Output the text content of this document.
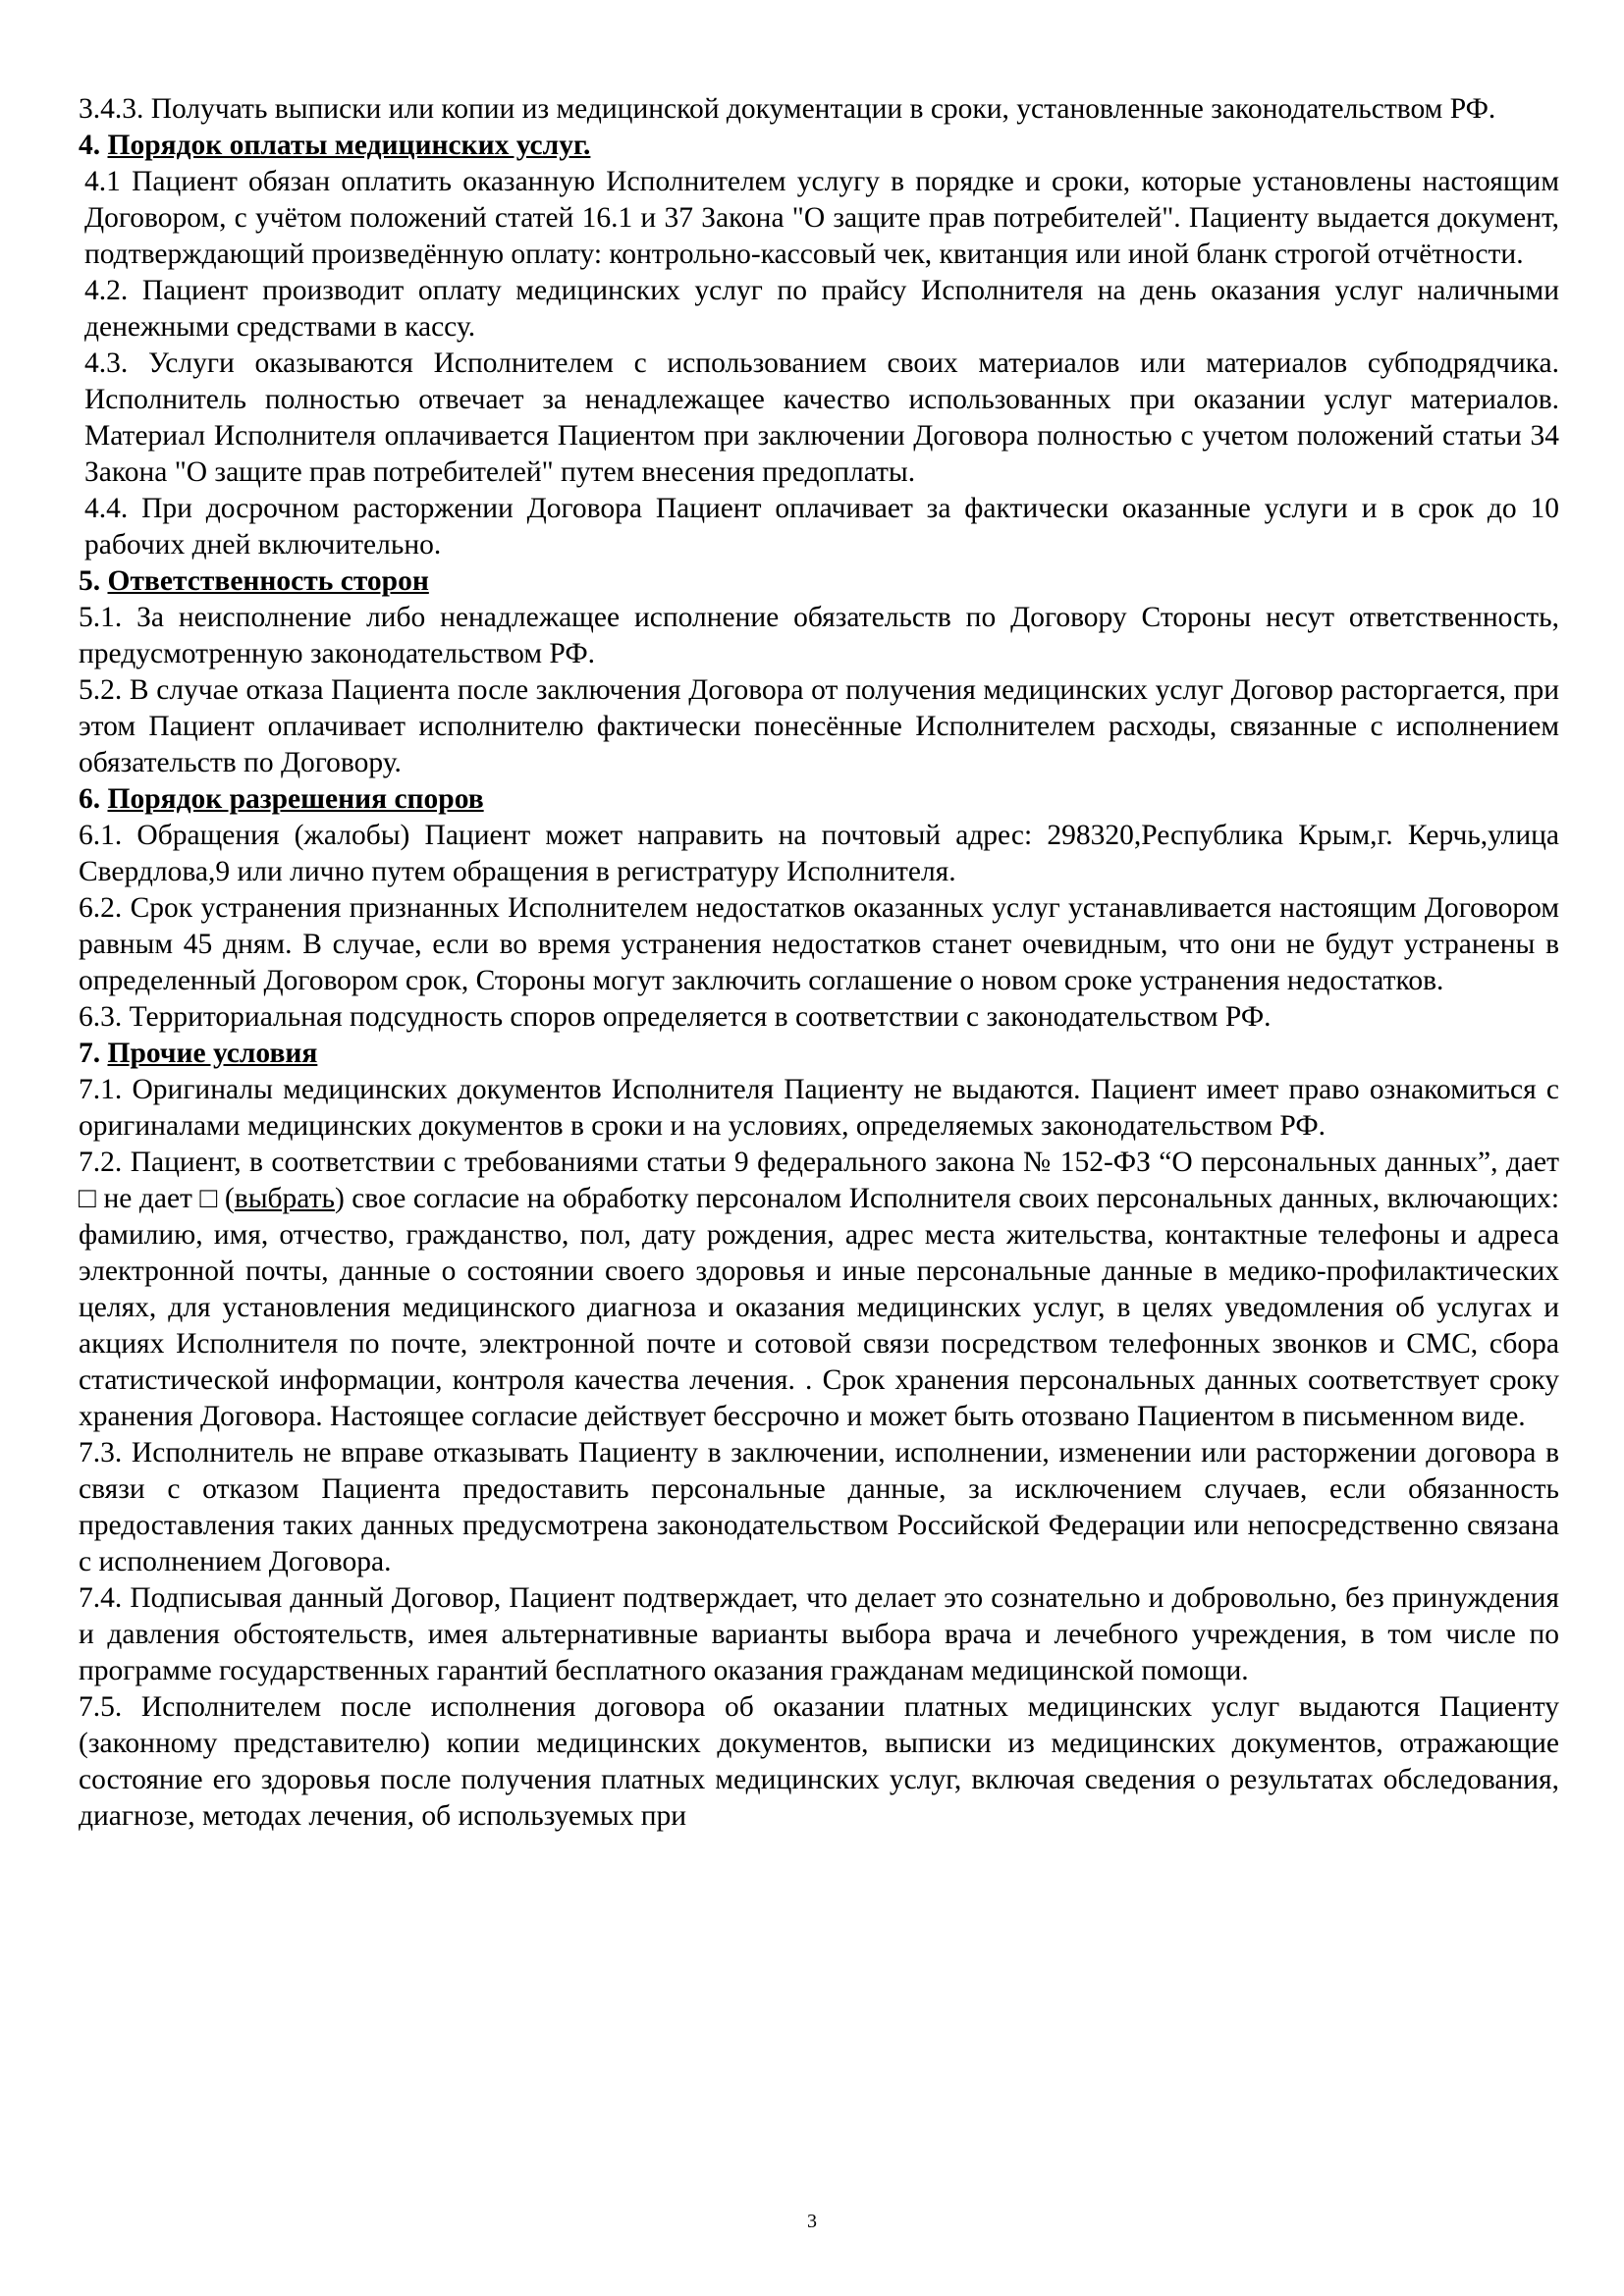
3.4.3. Получать выписки или копии из медицинской документации в сроки, установленные законодательством РФ.

4. Порядок оплаты медицинских услуг.

4.1 Пациент обязан оплатить оказанную Исполнителем услугу в порядке и сроки, которые установлены настоящим Договором, с учётом положений статей 16.1 и 37 Закона "О защите прав потребителей". Пациенту выдается документ, подтверждающий произведённую оплату: контрольно-кассовый чек, квитанция или иной бланк строгой отчётности.

4.2. Пациент производит оплату медицинских услуг по прайсу Исполнителя на день оказания услуг наличными денежными средствами в кассу.

4.3. Услуги оказываются Исполнителем с использованием своих материалов или материалов субподрядчика. Исполнитель полностью отвечает за ненадлежащее качество использованных при оказании услуг материалов. Материал Исполнителя оплачивается Пациентом при заключении Договора полностью с учетом положений статьи 34 Закона "О защите прав потребителей" путем внесения предоплаты.

4.4. При досрочном расторжении Договора Пациент оплачивает за фактически оказанные услуги и в срок до 10 рабочих дней включительно.

5. Ответственность сторон

5.1. За неисполнение либо ненадлежащее исполнение обязательств по Договору Стороны несут ответственность, предусмотренную законодательством РФ.

5.2. В случае отказа Пациента после заключения Договора от получения медицинских услуг Договор расторгается, при этом Пациент оплачивает исполнителю фактически понесённые Исполнителем расходы, связанные с исполнением обязательств по Договору.

6. Порядок разрешения споров

6.1. Обращения (жалобы) Пациент может направить на почтовый адрес: 298320,Республика Крым,г. Керчь,улица Свердлова,9 или лично путем обращения в регистратуру Исполнителя.

6.2. Срок устранения признанных Исполнителем недостатков оказанных услуг устанавливается настоящим Договором равным 45 дням. В случае, если во время устранения недостатков станет очевидным, что они не будут устранены в определенный Договором срок, Стороны могут заключить соглашение о новом сроке устранения недостатков.

6.3. Территориальная подсудность споров определяется в соответствии с законодательством РФ.

7. Прочие условия

7.1. Оригиналы медицинских документов Исполнителя Пациенту не выдаются. Пациент имеет право ознакомиться с оригиналами медицинских документов в сроки и на условиях, определяемых законодательством РФ.

7.2. Пациент, в соответствии с требованиями статьи 9 федерального закона № 152-ФЗ “О персональных данных”, дает □ не дает □ (выбрать) свое согласие на обработку персоналом Исполнителя своих персональных данных, включающих: фамилию, имя, отчество, гражданство, пол, дату рождения, адрес места жительства, контактные телефоны и адреса электронной почты, данные о состоянии своего здоровья и иные персональные данные в медико-профилактических целях, для установления медицинского диагноза и оказания медицинских услуг, в целях уведомления об услугах и акциях Исполнителя по почте, электронной почте и сотовой связи посредством телефонных звонков и СМС, сбора статистической информации, контроля качества лечения. . Срок хранения персональных данных соответствует сроку хранения Договора. Настоящее согласие действует бессрочно и может быть отозвано Пациентом в письменном виде.

7.3. Исполнитель не вправе отказывать Пациенту в заключении, исполнении, изменении или расторжении договора в связи с отказом Пациента предоставить персональные данные, за исключением случаев, если обязанность предоставления таких данных предусмотрена законодательством Российской Федерации или непосредственно связана с исполнением Договора.

7.4. Подписывая данный Договор, Пациент подтверждает, что делает это сознательно и добровольно, без принуждения и давления обстоятельств, имея альтернативные варианты выбора врача и лечебного учреждения, в том числе по программе государственных гарантий бесплатного оказания гражданам медицинской помощи.

7.5. Исполнителем после исполнения договора об оказании платных медицинских услуг выдаются Пациенту (законному представителю) копии медицинских документов, выписки из медицинских документов, отражающие состояние его здоровья после получения платных медицинских услуг, включая сведения о результатах обследования, диагнозе, методах лечения, об используемых при

3
